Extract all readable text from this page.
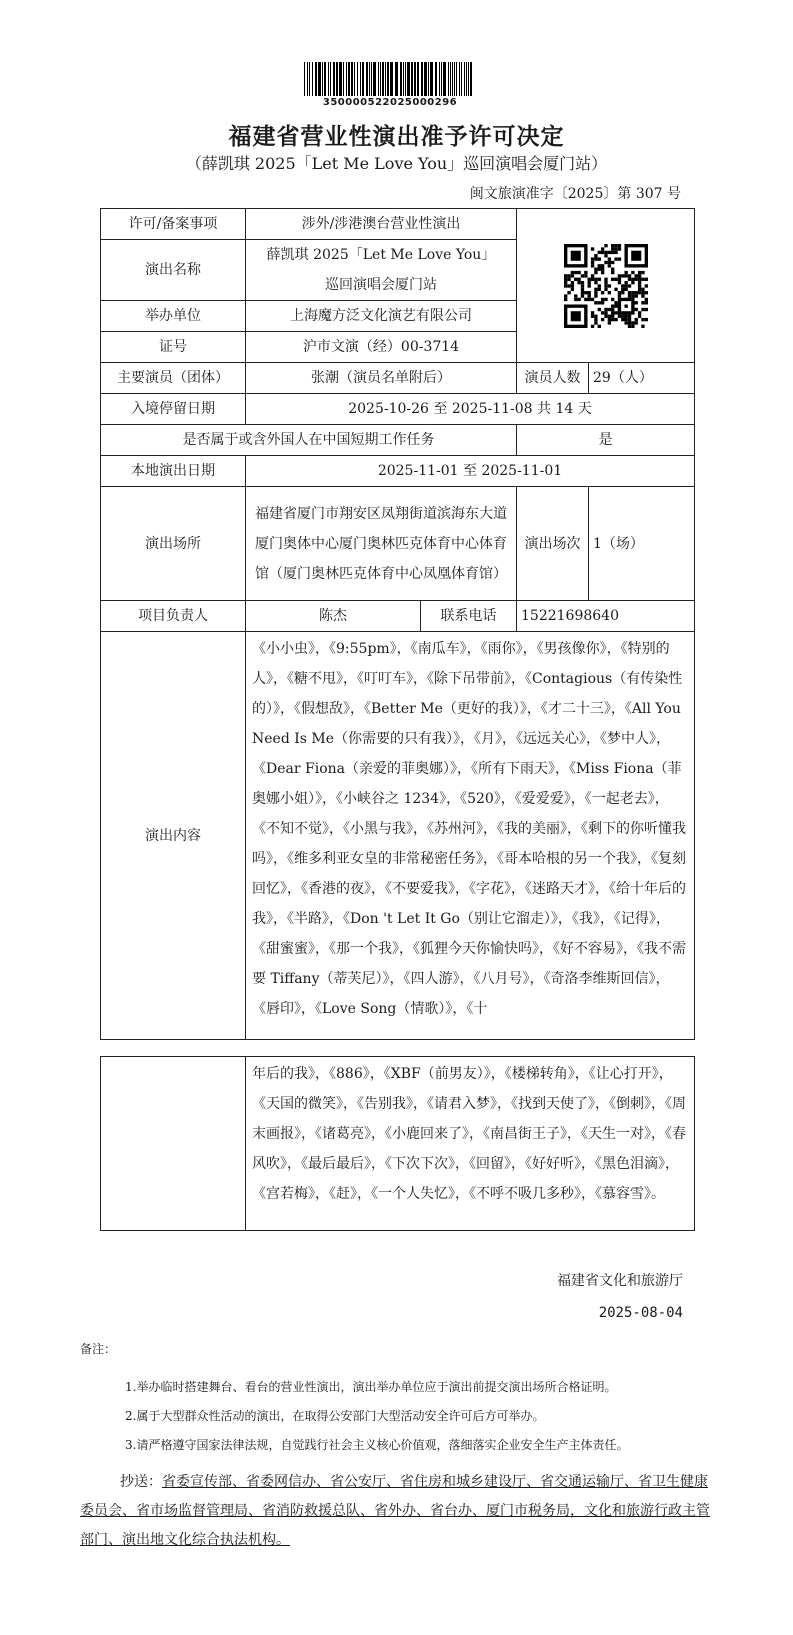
350000522025000296
福建省营业性演出准予许可决定
（薛凯琪 2025「Let Me Love You」巡回演唱会厦门站）
闽文旅演准字〔2025〕第 307 号
许可/备案事项	涉外/涉港澳台营业性演出	

演出名称	薛凯琪 2025「Let Me Love You」
巡回演唱会厦门站			

举办单位	上海魔方泛文化演艺有限公司			
证号	沪市文演（经）00-3714			
主要演员（团体）	张潮（演员名单附后）		演员人数	29（人）
入境停留日期	2025-10-26 至 2025-11-08 共 14 天			
是否属于或含外国人在中国短期工作任务			是	
本地演出日期	2025-11-01 至 2025-11-01			
演出场所	福建省厦门市翔安区凤翔街道滨海东大道厦门奥体中心厦门奥林匹克体育中心体育馆（厦门奥林匹克体育中心凤凰体育馆）		演出场次	1（场）
项目负责人	陈杰	联系电话	15221698640	
演出内容	《小小虫》，《9:55pm》，《南瓜车》，《雨你》，《男孩像你》，《特别的人》，《糖不甩》，《叮叮车》，《除下吊带前》，《Contagious（有传染性的）》，《假想敌》，《Better Me（更好的我）》，《才二十三》，《All You Need Is Me（你需要的只有我）》，《月》，《远远关心》，《梦中人》，《Dear Fiona（亲爱的菲奥娜）》，《所有下雨天》，《Miss Fiona（菲奥娜小姐）》，《小峡谷之 1234》，《520》，《爱爱爱》，《一起老去》，《不知不觉》，《小黑与我》，《苏州河》，《我的美丽》，《剩下的你听懂我吗》，《维多利亚女皇的非常秘密任务》，《哥本哈根的另一个我》，《复刻回忆》，《香港的夜》，《不要爱我》，《字花》，《迷路天才》，《给十年后的我》，《半路》，《Don 't Let It Go（别让它溜走）》，《我》，《记得》，《甜蜜蜜》，《那一个我》，《狐狸今天你愉快吗》，《好不容易》，《我不需要 Tiffany（蒂芙尼）》，《四人游》，《八月号》，《奇洛李维斯回信》，《唇印》，《Love Song（情歌）》，《十			
	年后的我》，《886》，《XBF（前男友）》，《楼梯转角》，《让心打开》，《天国的微笑》，《告别我》，《请君入梦》，《找到天使了》，《倒刺》，《周末画报》，《诸葛亮》，《小鹿回来了》，《南昌街王子》，《天生一对》，《春风吹》，《最后最后》，《下次下次》，《回留》，《好好听》，《黑色泪滴》，《宫若梅》，《赶》，《一个人失忆》，《不呼不吸几多秒》，《慕容雪》。
福建省文化和旅游厅
2025-08-04
备注：
1.举办临时搭建舞台、看台的营业性演出，演出举办单位应于演出前提交演出场所合格证明。
2.属于大型群众性活动的演出，在取得公安部门大型活动安全许可后方可举办。
3.请严格遵守国家法律法规，自觉践行社会主义核心价值观，落细落实企业安全生产主体责任。
抄送：省委宣传部、省委网信办、省公安厅、省住房和城乡建设厅、省交通运输厅、省卫生健康委员会、省市场监督管理局、省消防救援总队、省外办、省台办、厦门市税务局，文化和旅游行政主管部门、演出地文化综合执法机构。
